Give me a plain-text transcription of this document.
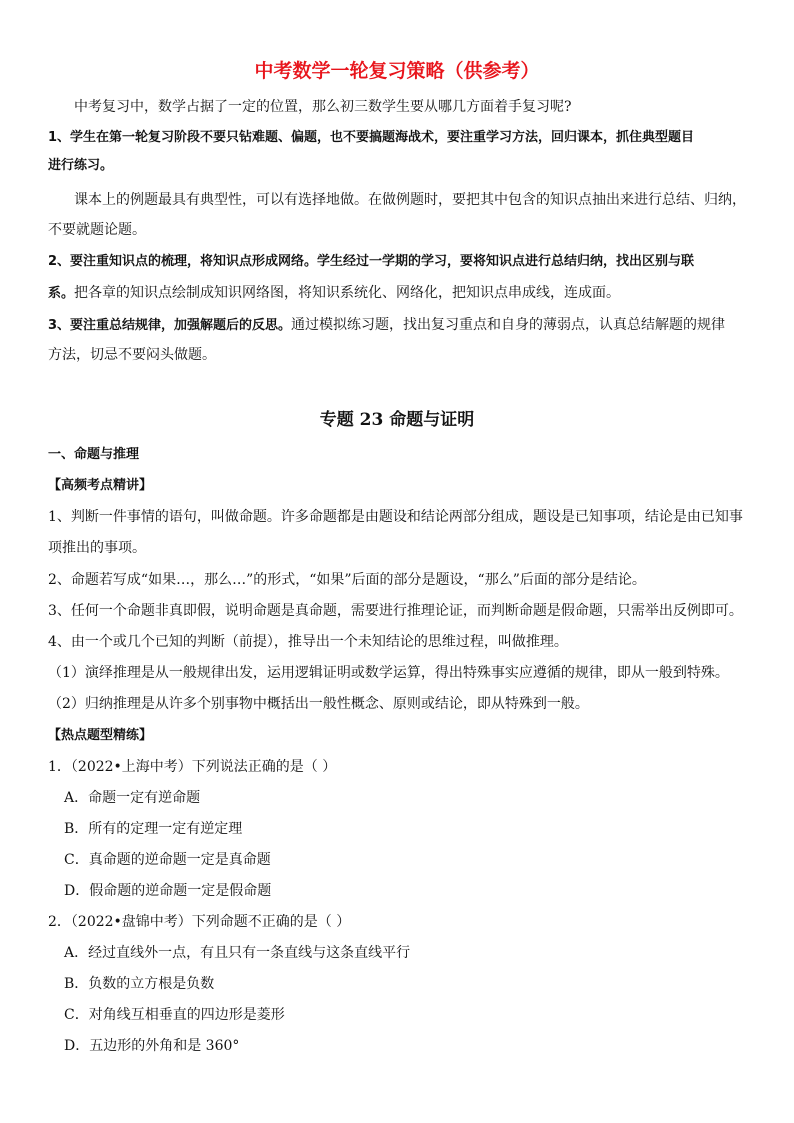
中考数学一轮复习策略（供参考）
中考复习中，数学占据了一定的位置，那么初三数学生要从哪几方面着手复习呢?
1、学生在第一轮复习阶段不要只钻难题、偏题，也不要搞题海战术，要注重学习方法，回归课本，抓住典型题目
进行练习。
课本上的例题最具有典型性，可以有选择地做。在做例题时，要把其中包含的知识点抽出来进行总结、归纳，
不要就题论题。
2、要注重知识点的梳理，将知识点形成网络。学生经过一学期的学习，要将知识点进行总结归纳，找出区别与联
系。把各章的知识点绘制成知识网络图，将知识系统化、网络化，把知识点串成线，连成面。
3、要注重总结规律，加强解题后的反思。通过模拟练习题，找出复习重点和自身的薄弱点，认真总结解题的规律
方法，切忌不要闷头做题。
专题 23 命题与证明
一、命题与推理
【高频考点精讲】
1、判断一件事情的语句，叫做命题。许多命题都是由题设和结论两部分组成，题设是已知事项，结论是由已知事
项推出的事项。
2、命题若写成“如果…，那么…”的形式，“如果”后面的部分是题设，“那么”后面的部分是结论。
3、任何一个命题非真即假，说明命题是真命题，需要进行推理论证，而判断命题是假命题，只需举出反例即可。
4、由一个或几个已知的判断（前提），推导出一个未知结论的思维过程，叫做推理。
（1）演绎推理是从一般规律出发，运用逻辑证明或数学运算，得出特殊事实应遵循的规律，即从一般到特殊。
（2）归纳推理是从许多个别事物中概括出一般性概念、原则或结论，即从特殊到一般。
【热点题型精练】
1．（2022•上海中考）下列说法正确的是（ ）
A．命题一定有逆命题
B．所有的定理一定有逆定理
C．真命题的逆命题一定是真命题
D．假命题的逆命题一定是假命题
2．（2022•盘锦中考）下列命题不正确的是（ ）
A．经过直线外一点，有且只有一条直线与这条直线平行
B．负数的立方根是负数
C．对角线互相垂直的四边形是菱形
D．五边形的外角和是 360°
